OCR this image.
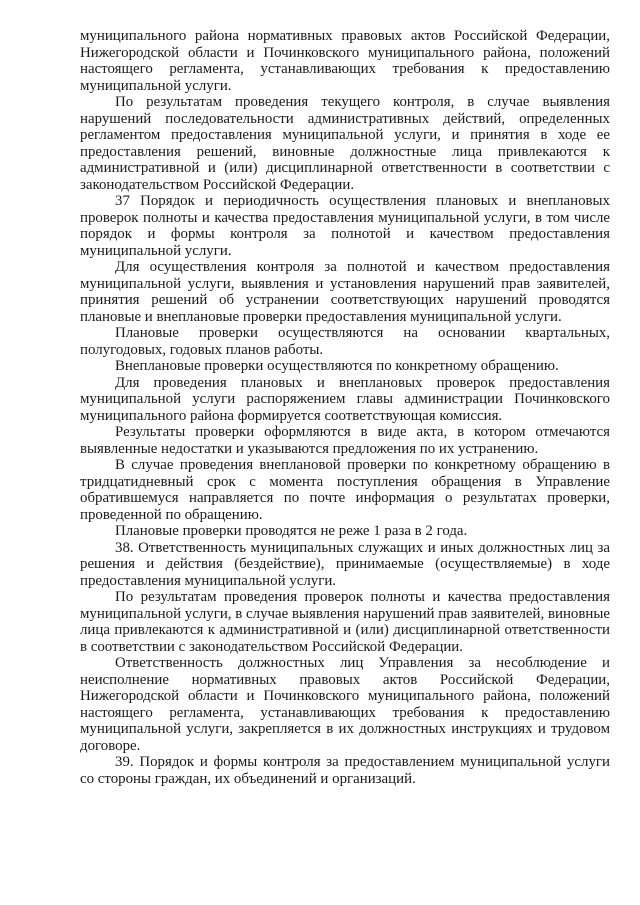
муниципального района нормативных правовых актов Российской Федерации, Нижегородской области и Починковского муниципального района, положений настоящего регламента, устанавливающих требования к предоставлению муниципальной услуги.

По результатам проведения текущего контроля, в случае выявления нарушений последовательности административных действий, определенных регламентом предоставления муниципальной услуги, и принятия в ходе ее предоставления решений, виновные должностные лица привлекаются к административной и (или) дисциплинарной ответственности в соответствии с законодательством Российской Федерации.

37 Порядок и периодичность осуществления плановых и внеплановых проверок полноты и качества предоставления муниципальной услуги, в том числе порядок и формы контроля за полнотой и качеством предоставления муниципальной услуги.

Для осуществления контроля за полнотой и качеством предоставления муниципальной услуги, выявления и установления нарушений прав заявителей, принятия решений об устранении соответствующих нарушений проводятся плановые и внеплановые проверки предоставления муниципальной услуги.

Плановые проверки осуществляются на основании квартальных, полугодовых, годовых планов работы.

Внеплановые проверки осуществляются по конкретному обращению.

Для проведения плановых и внеплановых проверок предоставления муниципальной услуги распоряжением главы администрации Починковского муниципального района формируется соответствующая комиссия.

Результаты проверки оформляются в виде акта, в котором отмечаются выявленные недостатки и указываются предложения по их устранению.

В случае проведения внеплановой проверки по конкретному обращению в тридцатидневный срок с момента поступления обращения в Управление обратившемуся направляется по почте информация о результатах проверки, проведенной по обращению.

Плановые проверки проводятся не реже 1 раза в 2 года.

38. Ответственность муниципальных служащих и иных должностных лиц за решения и действия (бездействие), принимаемые (осуществляемые) в ходе предоставления муниципальной услуги.

По результатам проведения проверок полноты и качества предоставления муниципальной услуги, в случае выявления нарушений прав заявителей, виновные лица привлекаются к административной и (или) дисциплинарной ответственности в соответствии с законодательством Российской Федерации.

Ответственность должностных лиц Управления за несоблюдение и неисполнение нормативных правовых актов Российской Федерации, Нижегородской области и Починковского муниципального района, положений настоящего регламента, устанавливающих требования к предоставлению муниципальной услуги, закрепляется в их должностных инструкциях и трудовом договоре.

39. Порядок и формы контроля за предоставлением муниципальной услуги со стороны граждан, их объединений и организаций.
